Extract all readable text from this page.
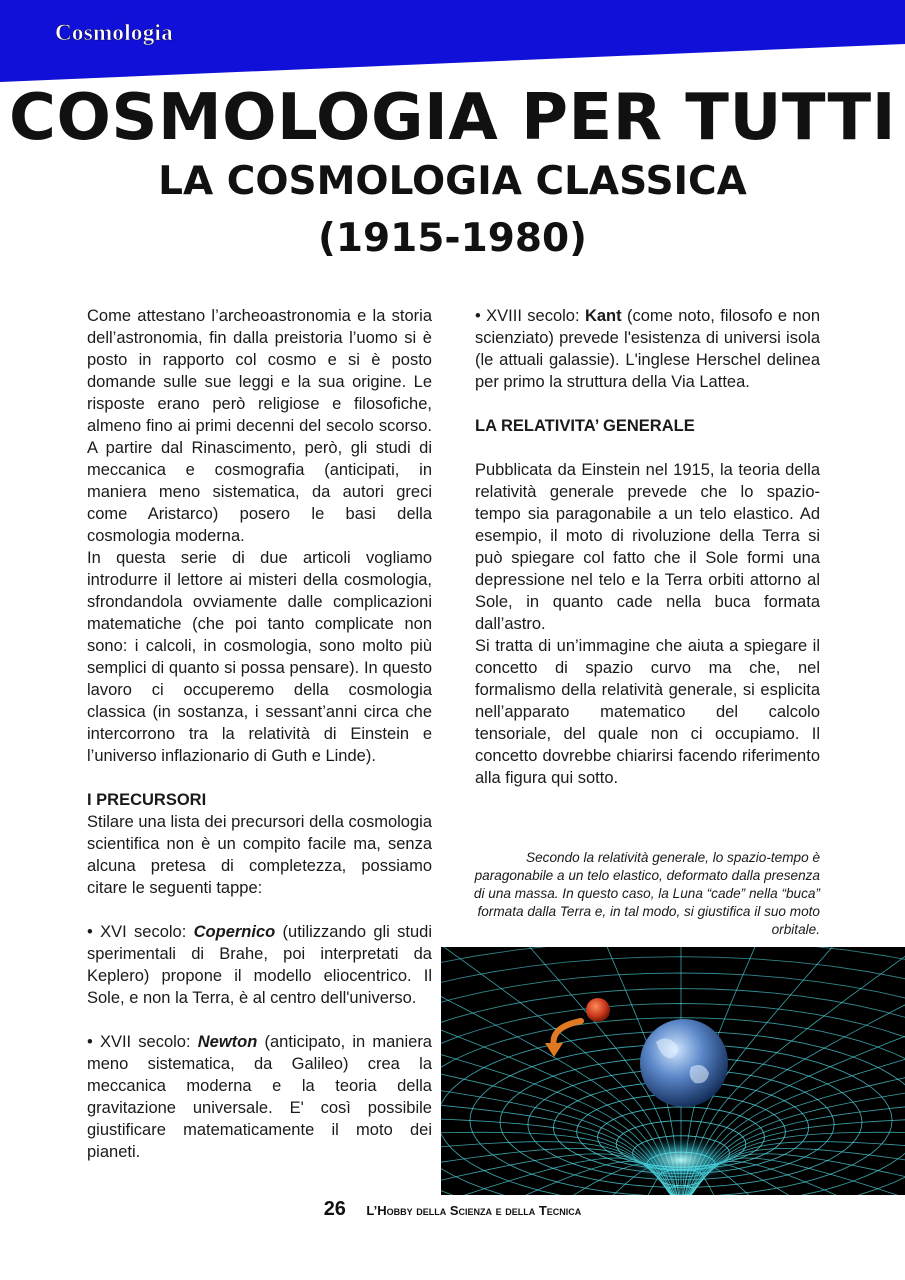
Cosmologia
COSMOLOGIA PER TUTTI
LA COSMOLOGIA CLASSICA
(1915-1980)

Come attestano l’archeoastronomia e la storia dell’astronomia, fin dalla preistoria l’uomo si è posto in rapporto col cosmo e si è posto domande sulle sue leggi e la sua origine. Le risposte erano però religiose e filosofiche, almeno fino ai primi decenni del secolo scorso. A partire dal Rinascimento, però, gli studi di meccanica e cosmografia (anticipati, in maniera meno sistematica, da autori greci come Aristarco) posero le basi della cosmologia moderna.

In questa serie di due articoli vogliamo introdurre il lettore ai misteri della cosmologia, sfrondandola ovviamente dalle complicazioni matematiche (che poi tanto complicate non sono: i calcoli, in cosmologia, sono molto più semplici di quanto si possa pensare). In questo lavoro ci occuperemo della cosmologia classica (in sostanza, i sessant’anni circa che intercorrono tra la relatività di Einstein e l’universo inflazionario di Guth e Linde).

I PRECURSORI

Stilare una lista dei precursori della cosmologia scientifica non è un compito facile ma, senza alcuna pretesa di completezza, possiamo citare le seguenti tappe:

• XVI secolo: Copernico (utilizzando gli studi sperimentali di Brahe, poi interpretati da Keplero) propone il modello eliocentrico. Il Sole, e non la Terra, è al centro dell'universo.

• XVII secolo: Newton (anticipato, in maniera meno sistematica, da Galileo) crea la meccanica moderna e la teoria della gravitazione universale. E' così possibile giustificare matematicamente il moto dei pianeti.

• XVIII secolo: Kant (come noto, filosofo e non scienziato) prevede l'esistenza di universi isola (le attuali galassie). L'inglese Herschel delinea per primo la struttura della Via Lattea.

LA RELATIVITA’ GENERALE

Pubblicata da Einstein nel 1915, la teoria della relatività generale prevede che lo spazio-tempo sia paragonabile a un telo elastico. Ad esempio, il moto di rivoluzione della Terra si può spiegare col fatto che il Sole formi una depressione nel telo e la Terra orbiti attorno al Sole, in quanto cade nella buca formata dall’astro.

Si tratta di un’immagine che aiuta a spiegare il concetto di spazio curvo ma che, nel formalismo della relatività generale, si esplicita nell’apparato matematico del calcolo tensoriale, del quale non ci occupiamo. Il concetto dovrebbe chiarirsi facendo riferimento alla figura qui sotto.

Secondo la relatività generale, lo spazio-tempo è paragonabile a un telo elastico, deformato dalla presenza di una massa. In questo caso, la Luna “cade” nella “buca” formata dalla Terra e, in tal modo, si giustifica il suo moto orbitale.
26 L’Hobby della Scienza e della Tecnica
